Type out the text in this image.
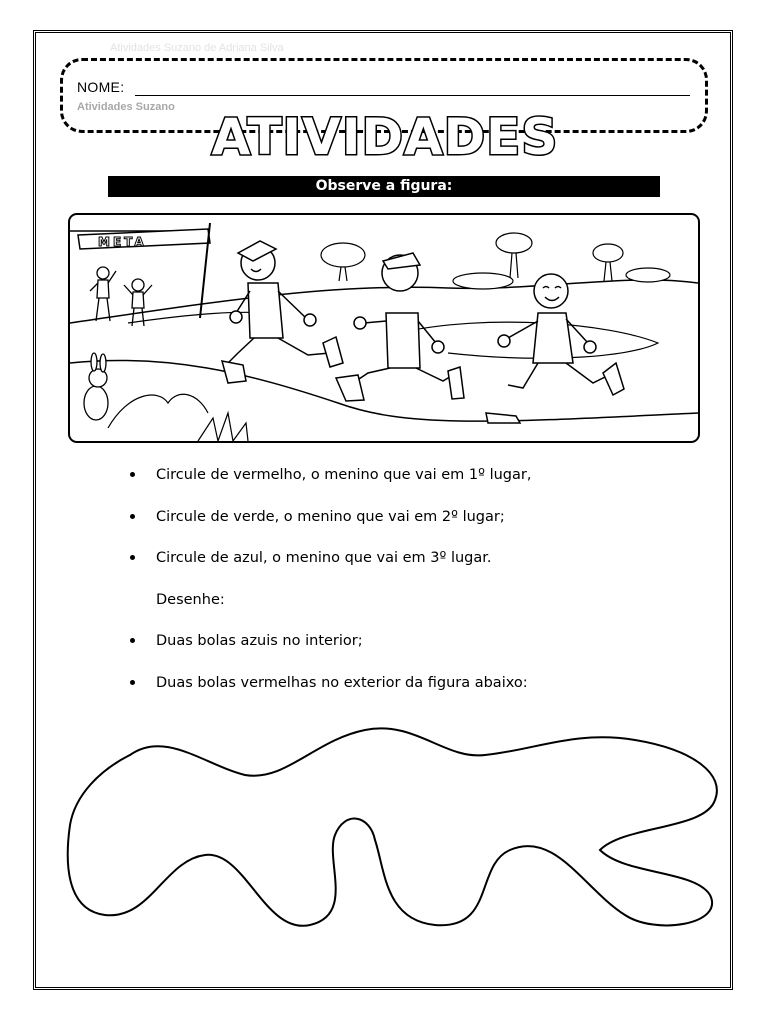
Atividades Suzano de Adriana Silva
NOME:
Atividades Suzano
ATIVIDADES
Observe a figura:
META
Circule de vermelho, o menino que vai em 1º lugar,
Circule de verde, o menino que vai em 2º lugar;
Circule de azul, o menino que vai em 3º lugar.
Desenhe:
Duas bolas azuis no interior;
Duas bolas vermelhas no exterior da figura abaixo:
